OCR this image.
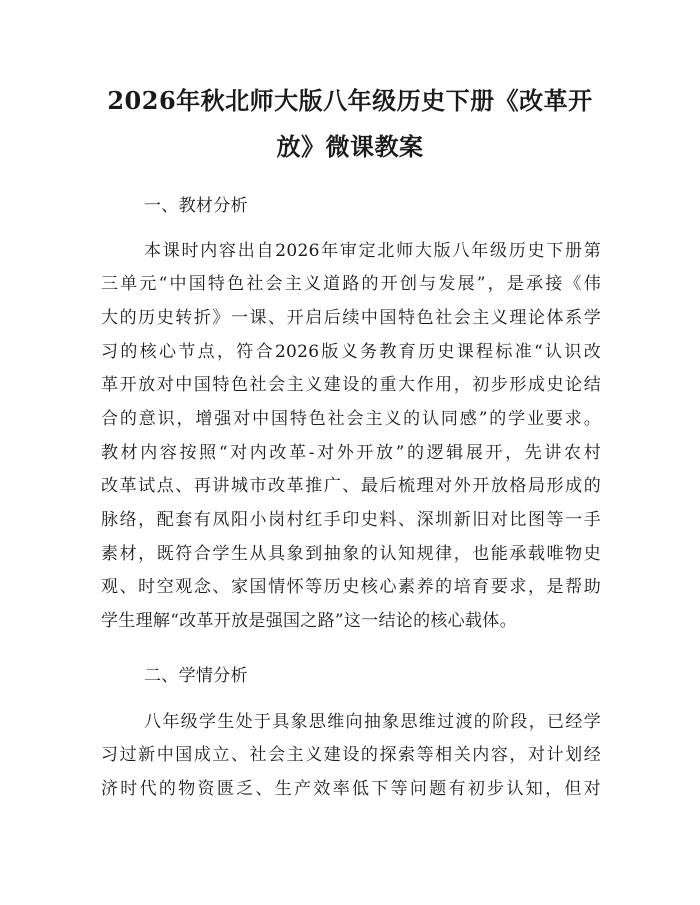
2026年秋北师大版八年级历史下册《改革开
放》微课教案
一、教材分析
本课时内容出自2026年审定北师大版八年级历史下册第
三单元“中国特色社会主义道路的开创与发展”，是承接《伟
大的历史转折》一课、开启后续中国特色社会主义理论体系学
习的核心节点，符合2026版义务教育历史课程标准“认识改
革开放对中国特色社会主义建设的重大作用，初步形成史论结
合的意识，增强对中国特色社会主义的认同感”的学业要求。
教材内容按照“对内改革-对外开放”的逻辑展开，先讲农村
改革试点、再讲城市改革推广、最后梳理对外开放格局形成的
脉络，配套有凤阳小岗村红手印史料、深圳新旧对比图等一手
素材，既符合学生从具象到抽象的认知规律，也能承载唯物史
观、时空观念、家国情怀等历史核心素养的培育要求，是帮助
学生理解“改革开放是强国之路”这一结论的核心载体。
二、学情分析
八年级学生处于具象思维向抽象思维过渡的阶段，已经学
习过新中国成立、社会主义建设的探索等相关内容，对计划经
济时代的物资匮乏、生产效率低下等问题有初步认知，但对
